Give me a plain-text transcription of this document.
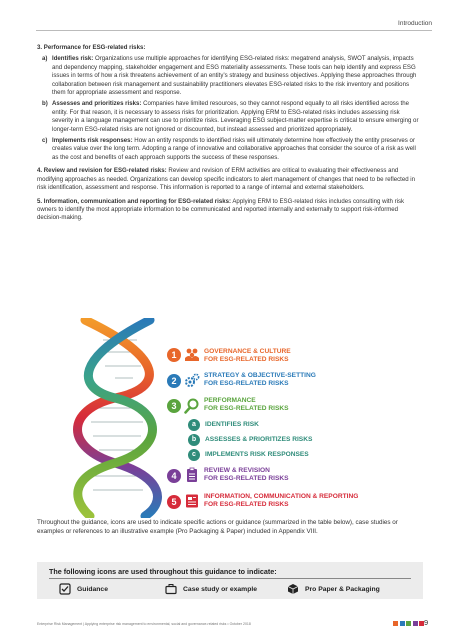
Introduction
3. Performance for ESG-related risks:
a) Identifies risk: Organizations use multiple approaches for identifying ESG-related risks: megatrend analysis, SWOT analysis, impacts and dependency mapping, stakeholder engagement and ESG materiality assessments. These tools can help identify and express ESG issues in terms of how a risk threatens achievement of an entity’s strategy and business objectives. Applying these approaches through collaboration between risk management and sustainability practitioners elevates ESG-related risks to the risk inventory and positions them for appropriate assessment and response.
b) Assesses and prioritizes risks: Companies have limited resources, so they cannot respond equally to all risks identified across the entity. For that reason, it is necessary to assess risks for prioritization. Applying ERM to ESG-related risks includes assessing risk severity in a language management can use to prioritize risks. Leveraging ESG subject-matter expertise is critical to ensure emerging or longer-term ESG-related risks are not ignored or discounted, but instead assessed and prioritized appropriately.
c) Implements risk responses: How an entity responds to identified risks will ultimately determine how effectively the entity preserves or creates value over the long term. Adopting a range of innovative and collaborative approaches that consider the source of a risk as well as the cost and benefits of each approach supports the success of these responses.
4. Review and revision for ESG-related risks: Review and revision of ERM activities are critical to evaluating their effectiveness and modifying approaches as needed. Organizations can develop specific indicators to alert management of changes that need to be reflected in risk identification, assessment and response. This information is reported to a range of internal and external stakeholders.
5. Information, communication and reporting for ESG-related risks: Applying ERM to ESG-related risks includes consulting with risk owners to identify the most appropriate information to be communicated and reported internally and externally to support risk-informed decision-making.
1	GOVERNANCE & CULTURE
FOR ESG-RELATED RISKS
2
STRATEGY & OBJECTIVE-SETTING
FOR ESG-RELATED RISKS
3
PERFORMANCE
FOR ESG-RELATED RISKS
a	IDENTIFIES RISK
b	ASSESSES & PRIORITIZES RISKS
c	IMPLEMENTS RISK RESPONSES
4
REVIEW & REVISION
FOR ESG-RELATED RISKS
5
INFORMATION, COMMUNICATION & REPORTING
FOR ESG-RELATED RISKS
Throughout the guidance, icons are used to indicate specific actions or guidance (summarized in the table below), case studies or examples or references to an illustrative example (Pro Packaging & Paper) included in Appendix VIII.
The following icons are used throughout this guidance to indicate:
Guidance	Case study or example	Pro Paper & Packaging
Enterprise Risk Management | Applying enterprise risk management to environmental, social and governance-related risks • October 2018	9
